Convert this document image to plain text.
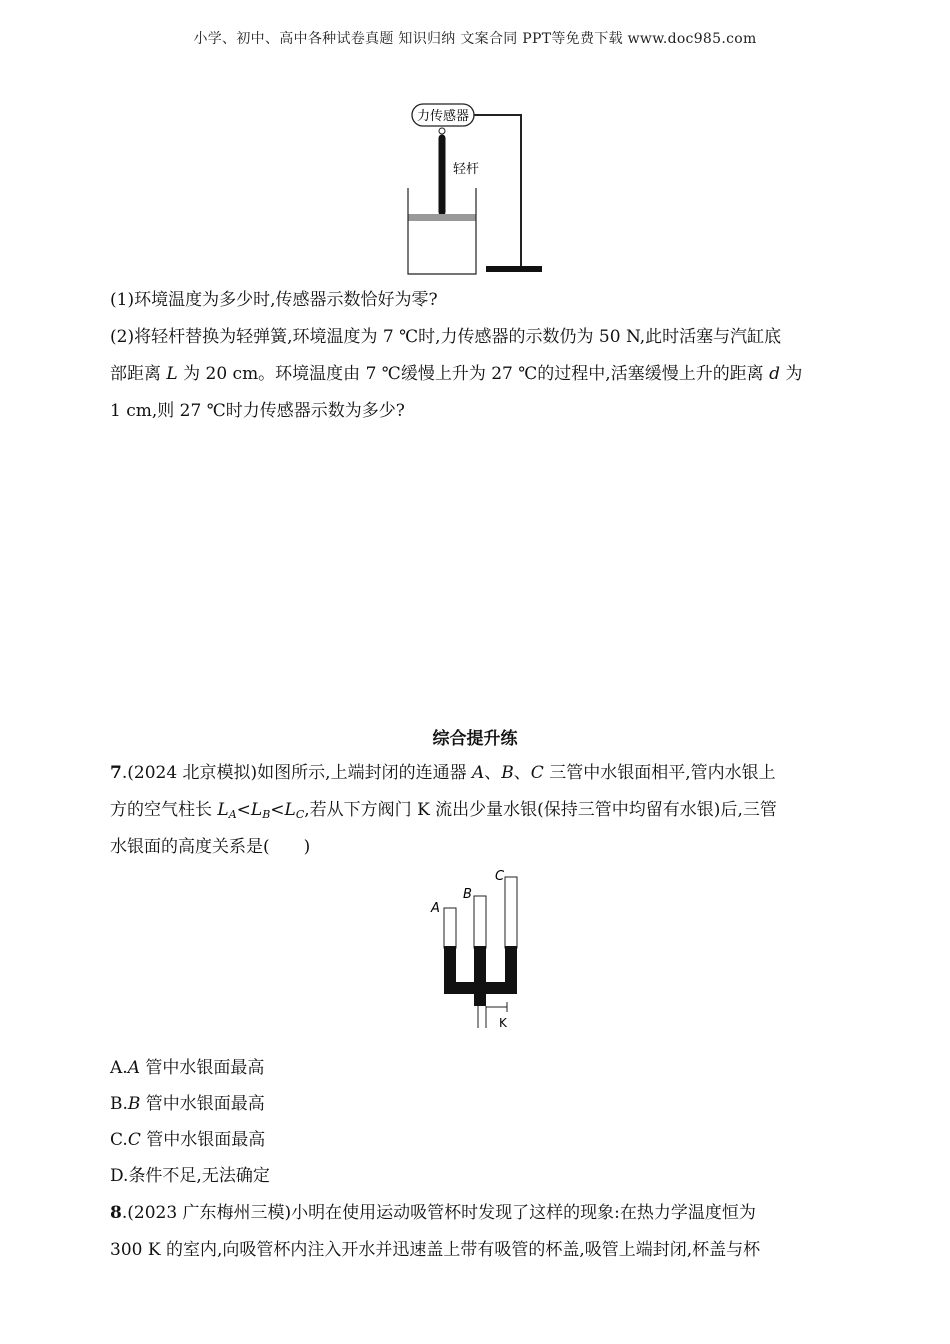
小学、初中、高中各种试卷真题 知识归纳 文案合同 PPT等免费下载 www.doc985.com
力传感器
轻杆
(1)环境温度为多少时,传感器示数恰好为零?
(2)将轻杆替换为轻弹簧,环境温度为 7 ℃时,力传感器的示数仍为 50 N,此时活塞与汽缸底
部距离 L 为 20 cm。环境温度由 7 ℃缓慢上升为 27 ℃的过程中,活塞缓慢上升的距离 d 为
1 cm,则 27 ℃时力传感器示数为多少?
综合提升练
7.(2024 北京模拟)如图所示,上端封闭的连通器 A、B、C 三管中水银面相平,管内水银上
方的空气柱长 $L_A<L_B<L_C$,若从下方阀门 K 流出少量水银(保持三管中均留有水银)后,三管
水银面的高度关系是(　　)
A
B
C
K
A.A 管中水银面最高
B.B 管中水银面最高
C.C 管中水银面最高
D.条件不足,无法确定
8.(2023 广东梅州三模)小明在使用运动吸管杯时发现了这样的现象:在热力学温度恒为
300 K 的室内,向吸管杯内注入开水并迅速盖上带有吸管的杯盖,吸管上端封闭,杯盖与杯
